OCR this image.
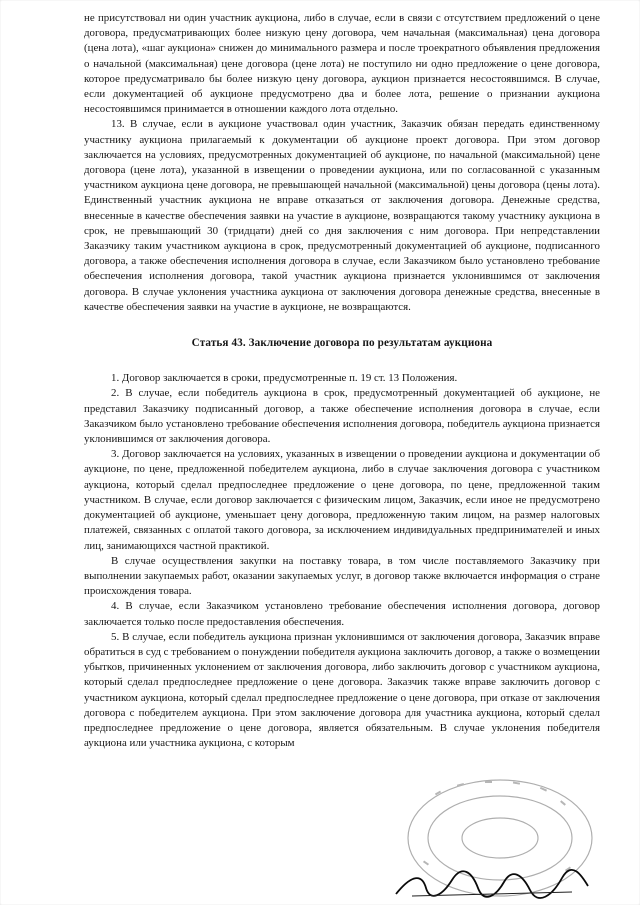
не присутствовал ни один участник аукциона, либо в случае, если в связи с отсутствием предложений о цене договора, предусматривающих более низкую цену договора, чем начальная (максимальная) цена договора (цена лота), «шаг аукциона» снижен до минимального размера и после троекратного объявления предложения о начальной (максимальная) цене договора (цене лота) не поступило ни одно предложение о цене договора, которое предусматривало бы более низкую цену договора, аукцион признается несостоявшимся. В случае, если документацией об аукционе предусмотрено два и более лота, решение о признании аукциона несостоявшимся принимается в отношении каждого лота отдельно.

13. В случае, если в аукционе участвовал один участник, Заказчик обязан передать единственному участнику аукциона прилагаемый к документации об аукционе проект договора. При этом договор заключается на условиях, предусмотренных документацией об аукционе, по начальной (максимальной) цене договора (цене лота), указанной в извещении о проведении аукциона, или по согласованной с указанным участником аукциона цене договора, не превышающей начальной (максимальной) цены договора (цены лота). Единственный участник аукциона не вправе отказаться от заключения договора. Денежные средства, внесенные в качестве обеспечения заявки на участие в аукционе, возвращаются такому участнику аукциона в срок, не превышающий 30 (тридцати) дней со дня заключения с ним договора. При непредставлении Заказчику таким участником аукциона в срок, предусмотренный документацией об аукционе, подписанного договора, а также обеспечения исполнения договора в случае, если Заказчиком было установлено требование обеспечения исполнения договора, такой участник аукциона признается уклонившимся от заключения договора. В случае уклонения участника аукциона от заключения договора денежные средства, внесенные в качестве обеспечения заявки на участие в аукционе, не возвращаются.

Статья 43. Заключение договора по результатам аукциона

1. Договор заключается в сроки, предусмотренные п. 19 ст. 13 Положения.

2. В случае, если победитель аукциона в срок, предусмотренный документацией об аукционе, не представил Заказчику подписанный договор, а также обеспечение исполнения договора в случае, если Заказчиком было установлено требование обеспечения исполнения договора, победитель аукциона признается уклонившимся от заключения договора.

3. Договор заключается на условиях, указанных в извещении о проведении аукциона и документации об аукционе, по цене, предложенной победителем аукциона, либо в случае заключения договора с участником аукциона, который сделал предпоследнее предложение о цене договора, по цене, предложенной таким участником. В случае, если договор заключается с физическим лицом, Заказчик, если иное не предусмотрено документацией об аукционе, уменьшает цену договора, предложенную таким лицом, на размер налоговых платежей, связанных с оплатой такого договора, за исключением индивидуальных предпринимателей и иных лиц, занимающихся частной практикой.

В случае осуществления закупки на поставку товара, в том числе поставляемого Заказчику при выполнении закупаемых работ, оказании закупаемых услуг, в договор также включается информация о стране происхождения товара.

4. В случае, если Заказчиком установлено требование обеспечения исполнения договора, договор заключается только после предоставления обеспечения.

5. В случае, если победитель аукциона признан уклонившимся от заключения договора, Заказчик вправе обратиться в суд с требованием о понуждении победителя аукциона заключить договор, а также о возмещении убытков, причиненных уклонением от заключения договора, либо заключить договор с участником аукциона, который сделал предпоследнее предложение о цене договора. Заказчик также вправе заключить договор с участником аукциона, который сделал предпоследнее предложение о цене договора, при отказе от заключения договора с победителем аукциона. При этом заключение договора для участника аукциона, который сделал предпоследнее предложение о цене договора, является обязательным. В случае уклонения победителя аукциона или участника аукциона, с которым
